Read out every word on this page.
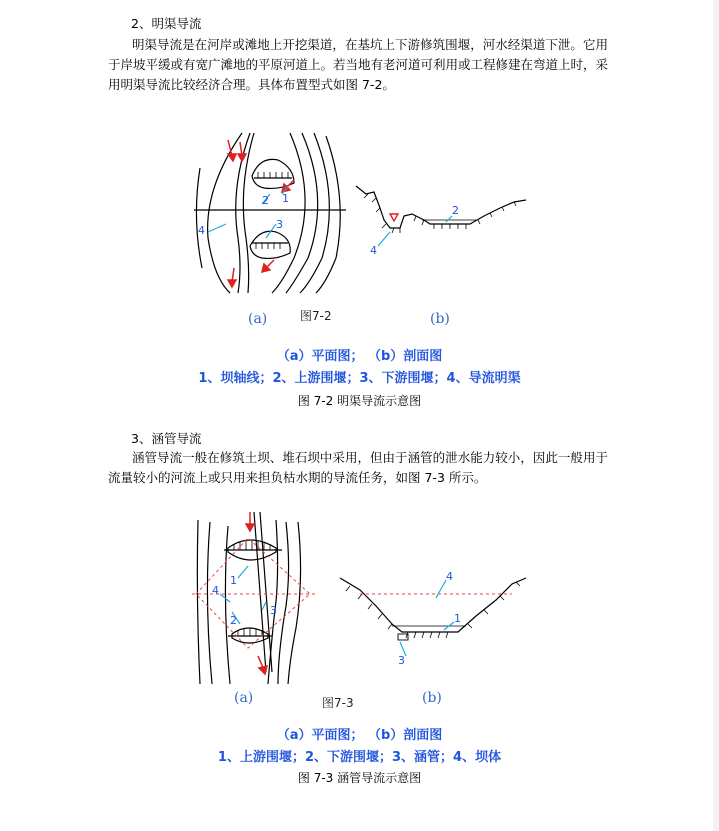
2、明渠导流

明渠导流是在河岸或滩地上开挖渠道，在基坑上下游修筑围堰，河水经渠道下泄。它用于岸坡平缓或有宽广滩地的平原河道上。若当地有老河道可利用或工程修建在弯道上时，采用明渠导流比较经济合理。具体布置型式如图 7-2。

2 1
3
4
(a)	图7-2
2
4
(b)
（a）平面图； （b）剖面图
1、坝轴线；2、上游围堰；3、下游围堰；4、导流明渠
图 7-2 明渠导流示意图

3、涵管导流

涵管导流一般在修筑土坝、堆石坝中采用，但由于涵管的泄水能力较小，因此一般用于流量较小的河流上或只用来担负枯水期的导流任务，如图 7-3 所示。

1
2
3
4
(a)	图7-3
4
1
3
(b)
（a）平面图； （b）剖面图
1、上游围堰；2、下游围堰；3、涵管；4、坝体
图 7-3 涵管导流示意图
